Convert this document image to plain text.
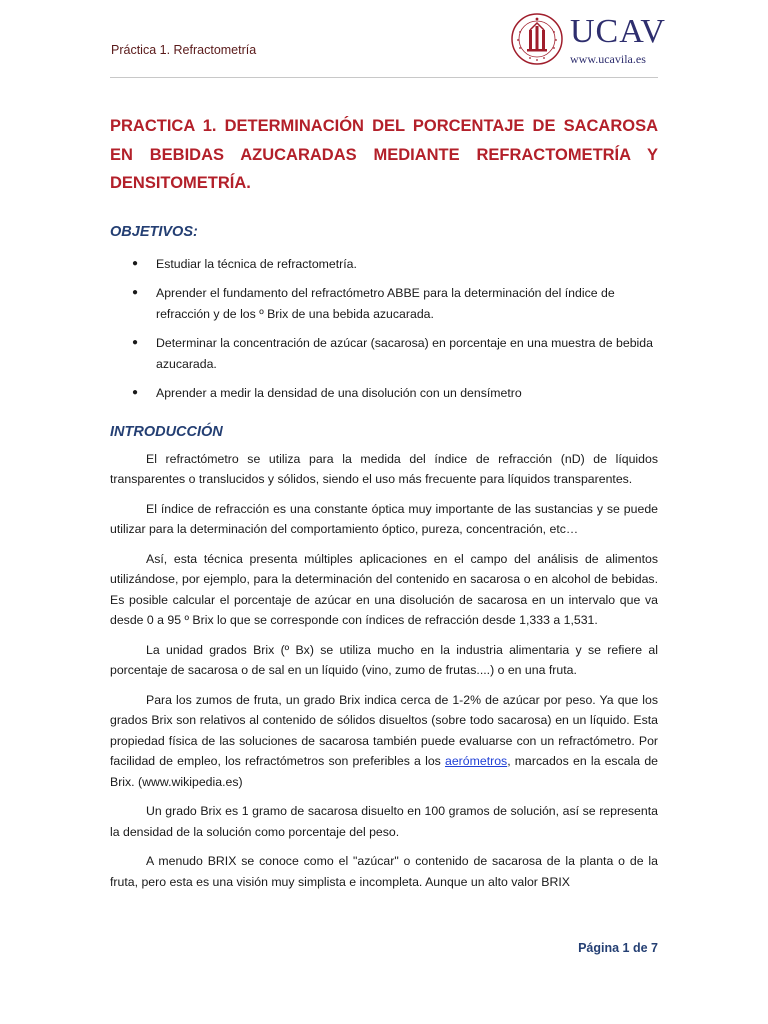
Práctica 1. Refractometría	UCAV
www.ucavila.es
PRACTICA 1. DETERMINACIÓN DEL PORCENTAJE DE SACAROSA EN BEBIDAS AZUCARADAS MEDIANTE REFRACTOMETRÍA Y DENSITOMETRÍA.
OBJETIVOS:
● Estudiar la técnica de refractometría.
● Aprender el fundamento del refractómetro ABBE para la determinación del índice de refracción y de los º Brix de una bebida azucarada.
● Determinar la concentración de azúcar (sacarosa) en porcentaje en una muestra de bebida azucarada.
● Aprender a medir la densidad de una disolución con un densímetro
INTRODUCCIÓN

El refractómetro se utiliza para la medida del índice de refracción (nD) de líquidos transparentes o translucidos y sólidos, siendo el uso más frecuente para líquidos transparentes.

El índice de refracción es una constante óptica muy importante de las sustancias y se puede utilizar para la determinación del comportamiento óptico, pureza, concentración, etc…

Así, esta técnica presenta múltiples aplicaciones en el campo del análisis de alimentos utilizándose, por ejemplo, para la determinación del contenido en sacarosa o en alcohol de bebidas. Es posible calcular el porcentaje de azúcar en una disolución de sacarosa en un intervalo que va desde 0 a 95 º Brix lo que se corresponde con índices de refracción desde 1,333 a 1,531.

La unidad grados Brix (º Bx) se utiliza mucho en la industria alimentaria y se refiere al porcentaje de sacarosa o de sal en un líquido (vino, zumo de frutas....) o en una fruta.

Para los zumos de fruta, un grado Brix indica cerca de 1-2% de azúcar por peso. Ya que los grados Brix son relativos al contenido de sólidos disueltos (sobre todo sacarosa) en un líquido. Esta propiedad física de las soluciones de sacarosa también puede evaluarse con un refractómetro. Por facilidad de empleo, los refractómetros son preferibles a los aerómetros, marcados en la escala de Brix. (www.wikipedia.es)

Un grado Brix es 1 gramo de sacarosa disuelto en 100 gramos de solución, así se representa la densidad de la solución como porcentaje del peso.

A menudo BRIX se conoce como el "azúcar" o contenido de sacarosa de la planta o de la fruta, pero esta es una visión muy simplista e incompleta. Aunque un alto valor BRIX

Página 1 de 7
